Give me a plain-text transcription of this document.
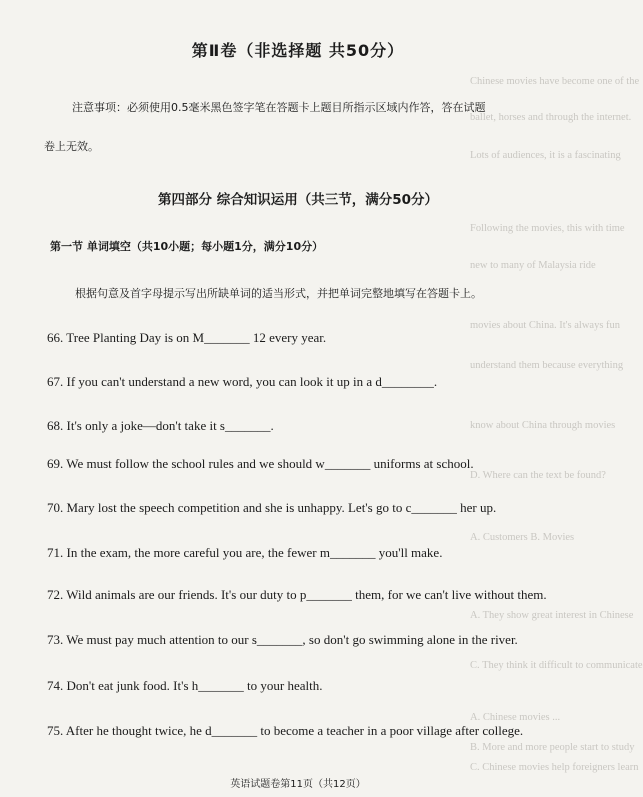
Chinese movies have become one of the
ballet, horses and through the internet.
Lots of audiences, it is a fascinating
Following the movies, this with time
new to many of Malaysia ride
movies about China. It's always fun
understand them because everything
know about China through movies
D. Where can the text be found?
A. Customers B. Movies
A. They show great interest in Chinese
C. They think it difficult to communicate
A. Chinese movies ...
B. More and more people start to study
C. Chinese movies help foreigners learn
第Ⅱ卷（非选择题 共50分）
注意事项：必须使用0.5毫米黑色签字笔在答题卡上题目所指示区域内作答，答在试题
卷上无效。
第四部分 综合知识运用（共三节，满分50分）
第一节 单词填空（共10小题；每小题1分，满分10分）
根据句意及首字母提示写出所缺单词的适当形式，并把单词完整地填写在答题卡上。
66. Tree Planting Day is on M_______ 12 every year.
67. If you can't understand a new word, you can look it up in a d________.
68. It's only a joke—don't take it s_______.
69. We must follow the school rules and we should w_______ uniforms at school.
70. Mary lost the speech competition and she is unhappy. Let's go to c_______ her up.
71. In the exam, the more careful you are, the fewer m_______ you'll make.
72. Wild animals are our friends. It's our duty to p_______ them, for we can't live without them.
73. We must pay much attention to our s_______, so don't go swimming alone in the river.
74. Don't eat junk food. It's h_______ to your health.
75. After he thought twice, he d_______ to become a teacher in a poor village after college.
英语试题卷第11页（共12页）
